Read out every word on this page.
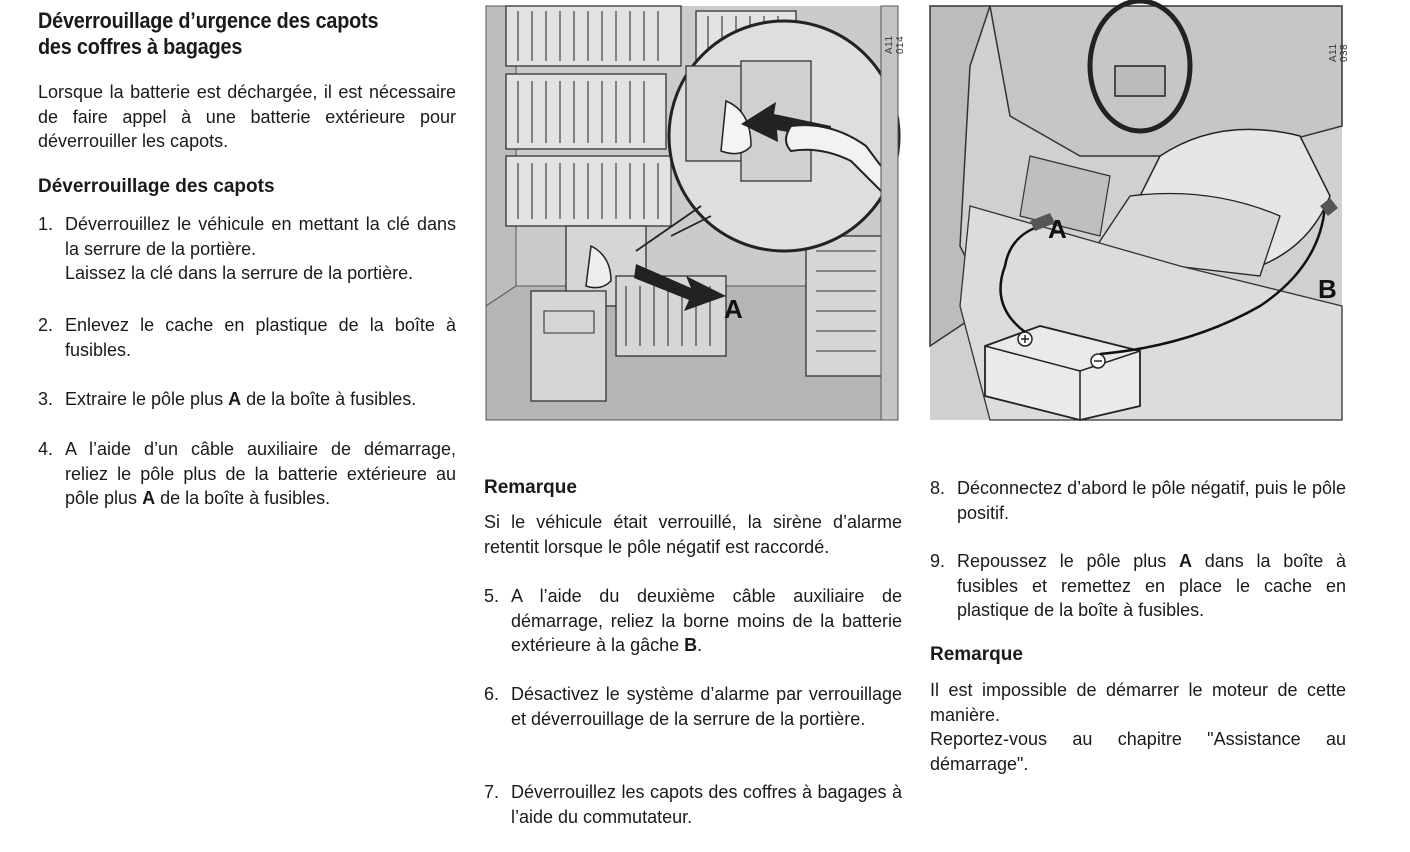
Déverrouillage d’urgence des capots
des coffres à bagages
Lorsque la batterie est déchargée, il est nécessaire de faire appel à une batterie extérieure pour déverrouiller les capots.
Déverrouillage des capots
1. Déverrouillez le véhicule en mettant la clé dans la serrure de la portière.
Laissez la clé dans la serrure de la portière.
2. Enlevez le cache en plastique de la boîte à fusibles.
3. Extraire le pôle plus A de la boîte à fusibles.
4. A l’aide d’un câble auxiliaire de démarrage, reliez le pôle plus de la batterie extérieure au pôle plus A de la boîte à fusibles.
A
A11 014
Remarque
Si le véhicule était verrouillé, la sirène d’alarme retentit lorsque le pôle négatif est raccordé.
5. A l’aide du deuxième câble auxiliaire de démarrage, reliez la borne moins de la batterie extérieure à la gâche B.
6. Désactivez le système d’alarme par verrouillage et déverrouillage de la serrure de la portière.
7. Déverrouillez les capots des coffres à bagages à l’aide du commutateur.
A
B
A11 038
8. Déconnectez d’abord le pôle négatif, puis le pôle positif.
9. Repoussez le pôle plus A dans la boîte à fusibles et remettez en place le cache en plastique de la boîte à fusibles.
Remarque
Il est impossible de démarrer le moteur de cette manière.
Reportez-vous au chapitre "Assistance au démarrage".
